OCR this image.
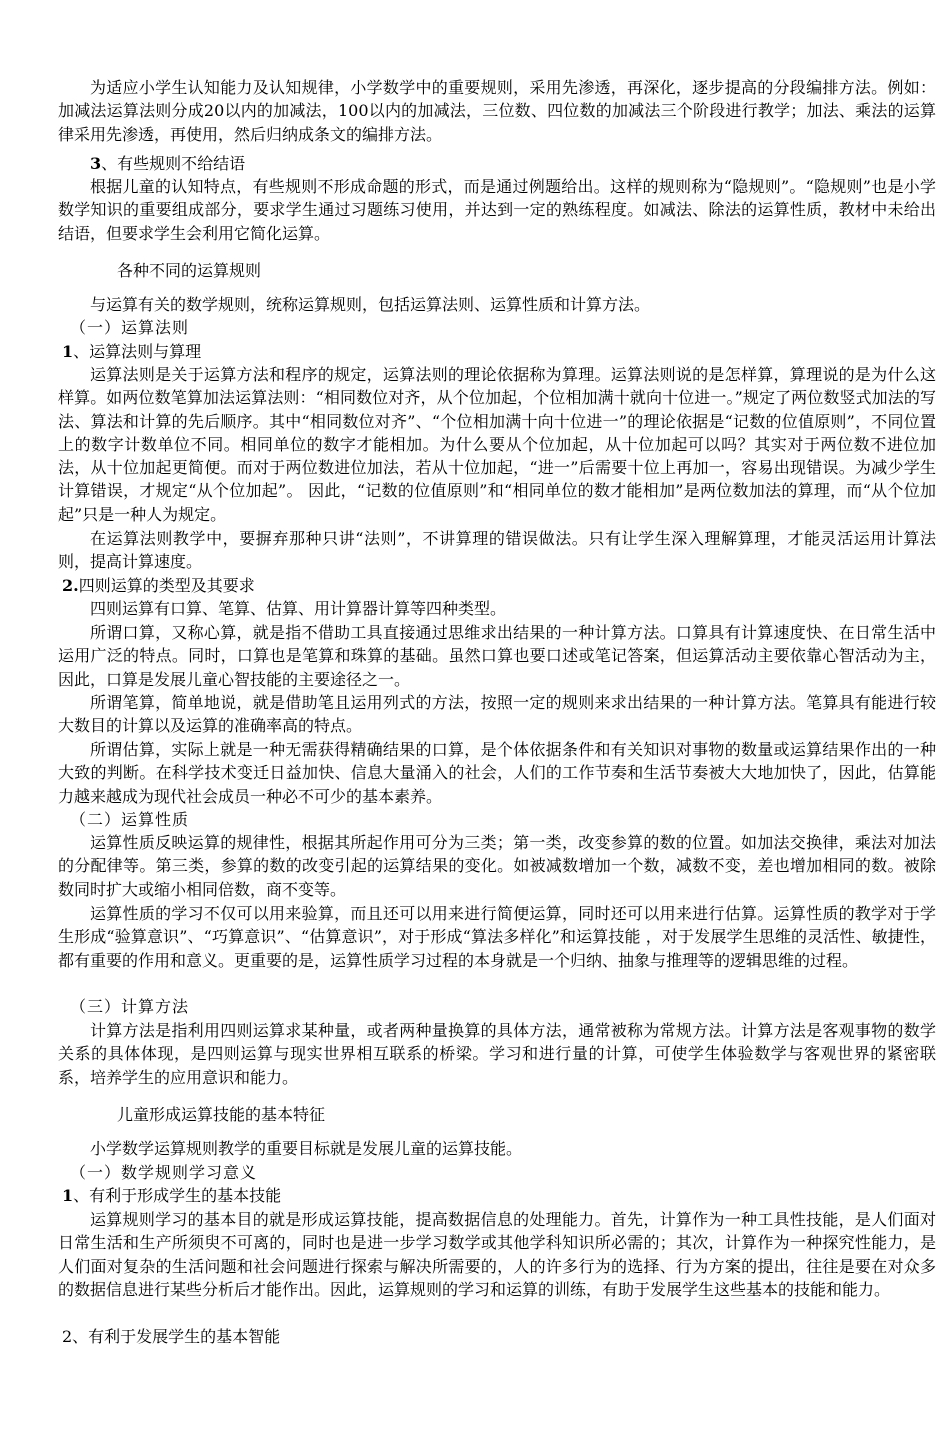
为适应小学生认知能力及认知规律，小学数学中的重要规则，采用先渗透，再深化，逐步提高的分段编排方法。例如：加减法运算法则分成20以内的加减法，100以内的加减法，三位数、四位数的加减法三个阶段进行教学；加法、乘法的运算律采用先渗透，再使用，然后归纳成条文的编排方法。
3、有些规则不给结语
根据儿童的认知特点，有些规则不形成命题的形式，而是通过例题给出。这样的规则称为“隐规则”。“隐规则”也是小学数学知识的重要组成部分，要求学生通过习题练习使用，并达到一定的熟练程度。如减法、除法的运算性质，教材中未给出结语，但要求学生会利用它简化运算。
各种不同的运算规则
与运算有关的数学规则，统称运算规则，包括运算法则、运算性质和计算方法。
（一）运算法则
1、运算法则与算理
运算法则是关于运算方法和程序的规定，运算法则的理论依据称为算理。运算法则说的是怎样算，算理说的是为什么这样算。如两位数笔算加法运算法则：“相同数位对齐，从个位加起，个位相加满十就向十位进一。”规定了两位数竖式加法的写法、算法和计算的先后顺序。其中“相同数位对齐”、“个位相加满十向十位进一”的理论依据是“记数的位值原则”，不同位置上的数字计数单位不同。相同单位的数字才能相加。为什么要从个位加起，从十位加起可以吗？其实对于两位数不进位加法，从十位加起更简便。而对于两位数进位加法，若从十位加起，“进一”后需要十位上再加一，容易出现错误。为减少学生计算错误，才规定“从个位加起”。 因此，“记数的位值原则”和“相同单位的数才能相加”是两位数加法的算理，而“从个位加起”只是一种人为规定。
在运算法则教学中，要摒弃那种只讲“法则”，不讲算理的错误做法。只有让学生深入理解算理，才能灵活运用计算法则，提高计算速度。
2.四则运算的类型及其要求
四则运算有口算、笔算、估算、用计算器计算等四种类型。
所谓口算，又称心算，就是指不借助工具直接通过思维求出结果的一种计算方法。口算具有计算速度快、在日常生活中运用广泛的特点。同时，口算也是笔算和珠算的基础。虽然口算也要口述或笔记答案，但运算活动主要依靠心智活动为主，因此，口算是发展儿童心智技能的主要途径之一。
所谓笔算，简单地说，就是借助笔且运用列式的方法，按照一定的规则来求出结果的一种计算方法。笔算具有能进行较大数目的计算以及运算的准确率高的特点。
所谓估算，实际上就是一种无需获得精确结果的口算，是个体依据条件和有关知识对事物的数量或运算结果作出的一种大致的判断。在科学技术变迁日益加快、信息大量涌入的社会，人们的工作节奏和生活节奏被大大地加快了，因此，估算能力越来越成为现代社会成员一种必不可少的基本素养。
（二）运算性质
运算性质反映运算的规律性，根据其所起作用可分为三类；第一类，改变参算的数的位置。如加法交换律，乘法对加法的分配律等。第三类，参算的数的改变引起的运算结果的变化。如被减数增加一个数，减数不变，差也增加相同的数。被除数同时扩大或缩小相同倍数，商不变等。
运算性质的学习不仅可以用来验算，而且还可以用来进行简便运算，同时还可以用来进行估算。运算性质的教学对于学生形成“验算意识”、“巧算意识”、“估算意识”，对于形成“算法多样化”和运算技能 ，对于发展学生思维的灵活性、敏捷性，都有重要的作用和意义。更重要的是，运算性质学习过程的本身就是一个归纳、抽象与推理等的逻辑思维的过程。
（三）计算方法
计算方法是指利用四则运算求某种量，或者两种量换算的具体方法，通常被称为常规方法。计算方法是客观事物的数学关系的具体体现，是四则运算与现实世界相互联系的桥梁。学习和进行量的计算，可使学生体验数学与客观世界的紧密联系，培养学生的应用意识和能力。
儿童形成运算技能的基本特征
小学数学运算规则教学的重要目标就是发展儿童的运算技能。
（一）数学规则学习意义
1、有利于形成学生的基本技能
运算规则学习的基本目的就是形成运算技能，提高数据信息的处理能力。首先，计算作为一种工具性技能，是人们面对日常生活和生产所须臾不可离的，同时也是进一步学习数学或其他学科知识所必需的；其次，计算作为一种探究性能力，是人们面对复杂的生活问题和社会问题进行探索与解决所需要的，人的许多行为的选择、行为方案的提出，往往是要在对众多的数据信息进行某些分析后才能作出。因此，运算规则的学习和运算的训练，有助于发展学生这些基本的技能和能力。
2、有利于发展学生的基本智能
